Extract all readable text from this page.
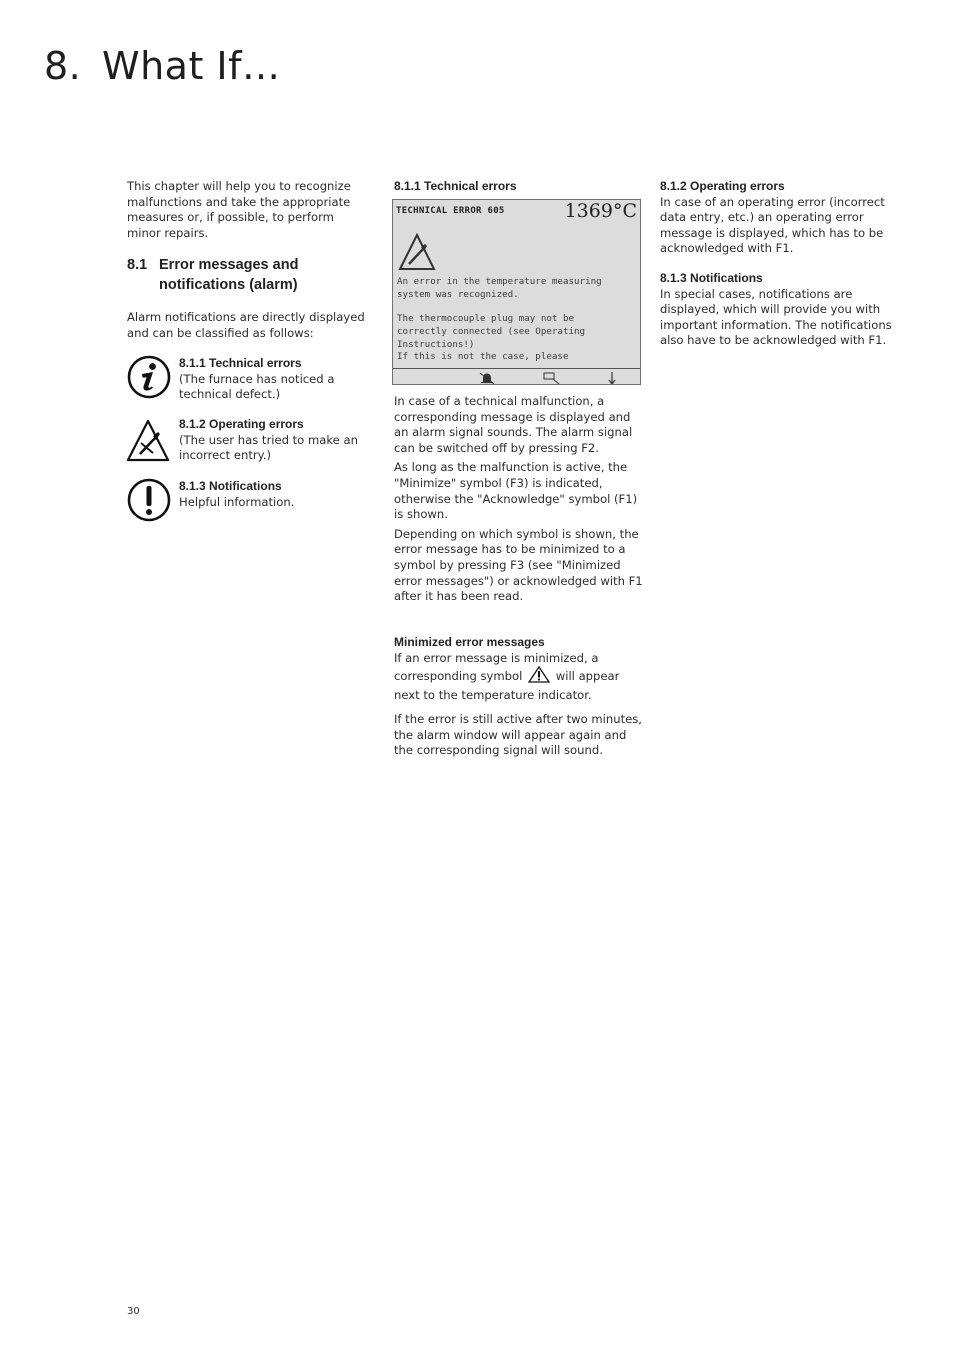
8. What If…

This chapter will help you to recognize malfunctions and take the appropriate measures or, if possible, to perform minor repairs.

8.1 Error messages and
notifications (alarm)

Alarm notifications are directly displayed and can be classified as follows:

8.1.1 Technical errors
(The furnace has noticed a technical defect.)
8.1.2 Operating errors
(The user has tried to make an incorrect entry.)
8.1.3 Notifications
Helpful information.
8.1.1 Technical errors
TECHNICAL ERROR 605	1369°C
An error in the temperature measuring
system was recognized.
The thermocouple plug may not be
correctly connected (see Operating
Instructions!)
If this is not the case, please

In case of a technical malfunction, a corresponding message is displayed and an alarm signal sounds. The alarm signal can be switched off by pressing F2.

As long as the malfunction is active, the "Minimize" symbol (F3) is indicated, otherwise the "Acknowledge" symbol (F1) is shown.

Depending on which symbol is shown, the error message has to be minimized to a symbol by pressing F3 (see "Minimized error messages") or acknowledged with F1 after it has been read.

Minimized error messages
If an error message is minimized, a corresponding symbol	will appear next to the temperature indicator.

If the error is still active after two minutes, the alarm window will appear again and the corresponding signal will sound.

8.1.2 Operating errors
In case of an operating error (incorrect data entry, etc.) an operating error message is displayed, which has to be acknowledged with F1.
8.1.3 Notifications
In special cases, notifications are displayed, which will provide you with important information. The notifications also have to be acknowledged with F1.
30
